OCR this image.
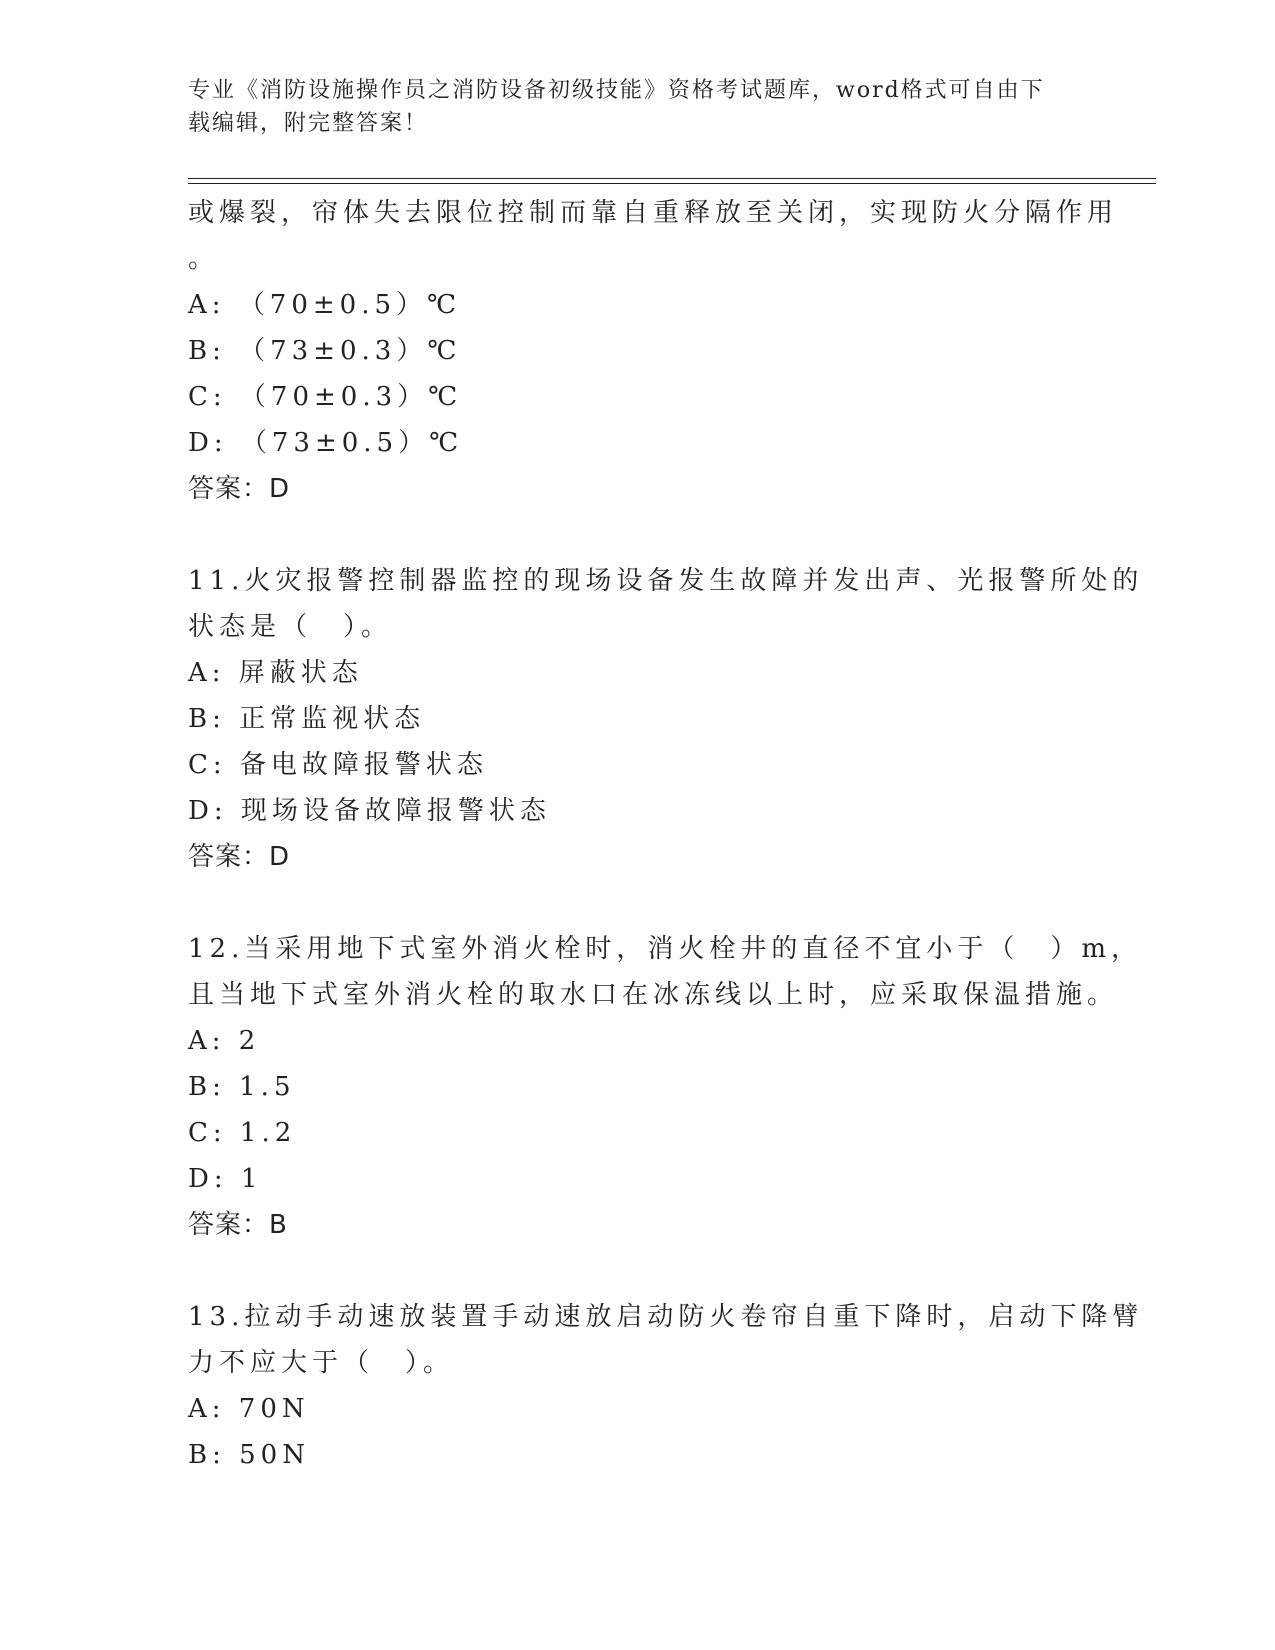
专业《消防设施操作员之消防设备初级技能》资格考试题库，word格式可自由下
载编辑，附完整答案！
或爆裂，帘体失去限位控制而靠自重释放至关闭，实现防火分隔作用
。
A: （70±0.5）℃
B: （73±0.3）℃
C: （70±0.3）℃
D: （73±0.5）℃
答案：D
11.火灾报警控制器监控的现场设备发生故障并发出声、光报警所处的
状态是（　）。
A: 屏蔽状态
B: 正常监视状态
C: 备电故障报警状态
D: 现场设备故障报警状态
答案：D
12.当采用地下式室外消火栓时，消火栓井的直径不宜小于（　）m，
且当地下式室外消火栓的取水口在冰冻线以上时，应采取保温措施。
A: 2
B: 1.5
C: 1.2
D: 1
答案：B
13.拉动手动速放装置手动速放启动防火卷帘自重下降时，启动下降臂
力不应大于（　）。
A: 70N
B: 50N
